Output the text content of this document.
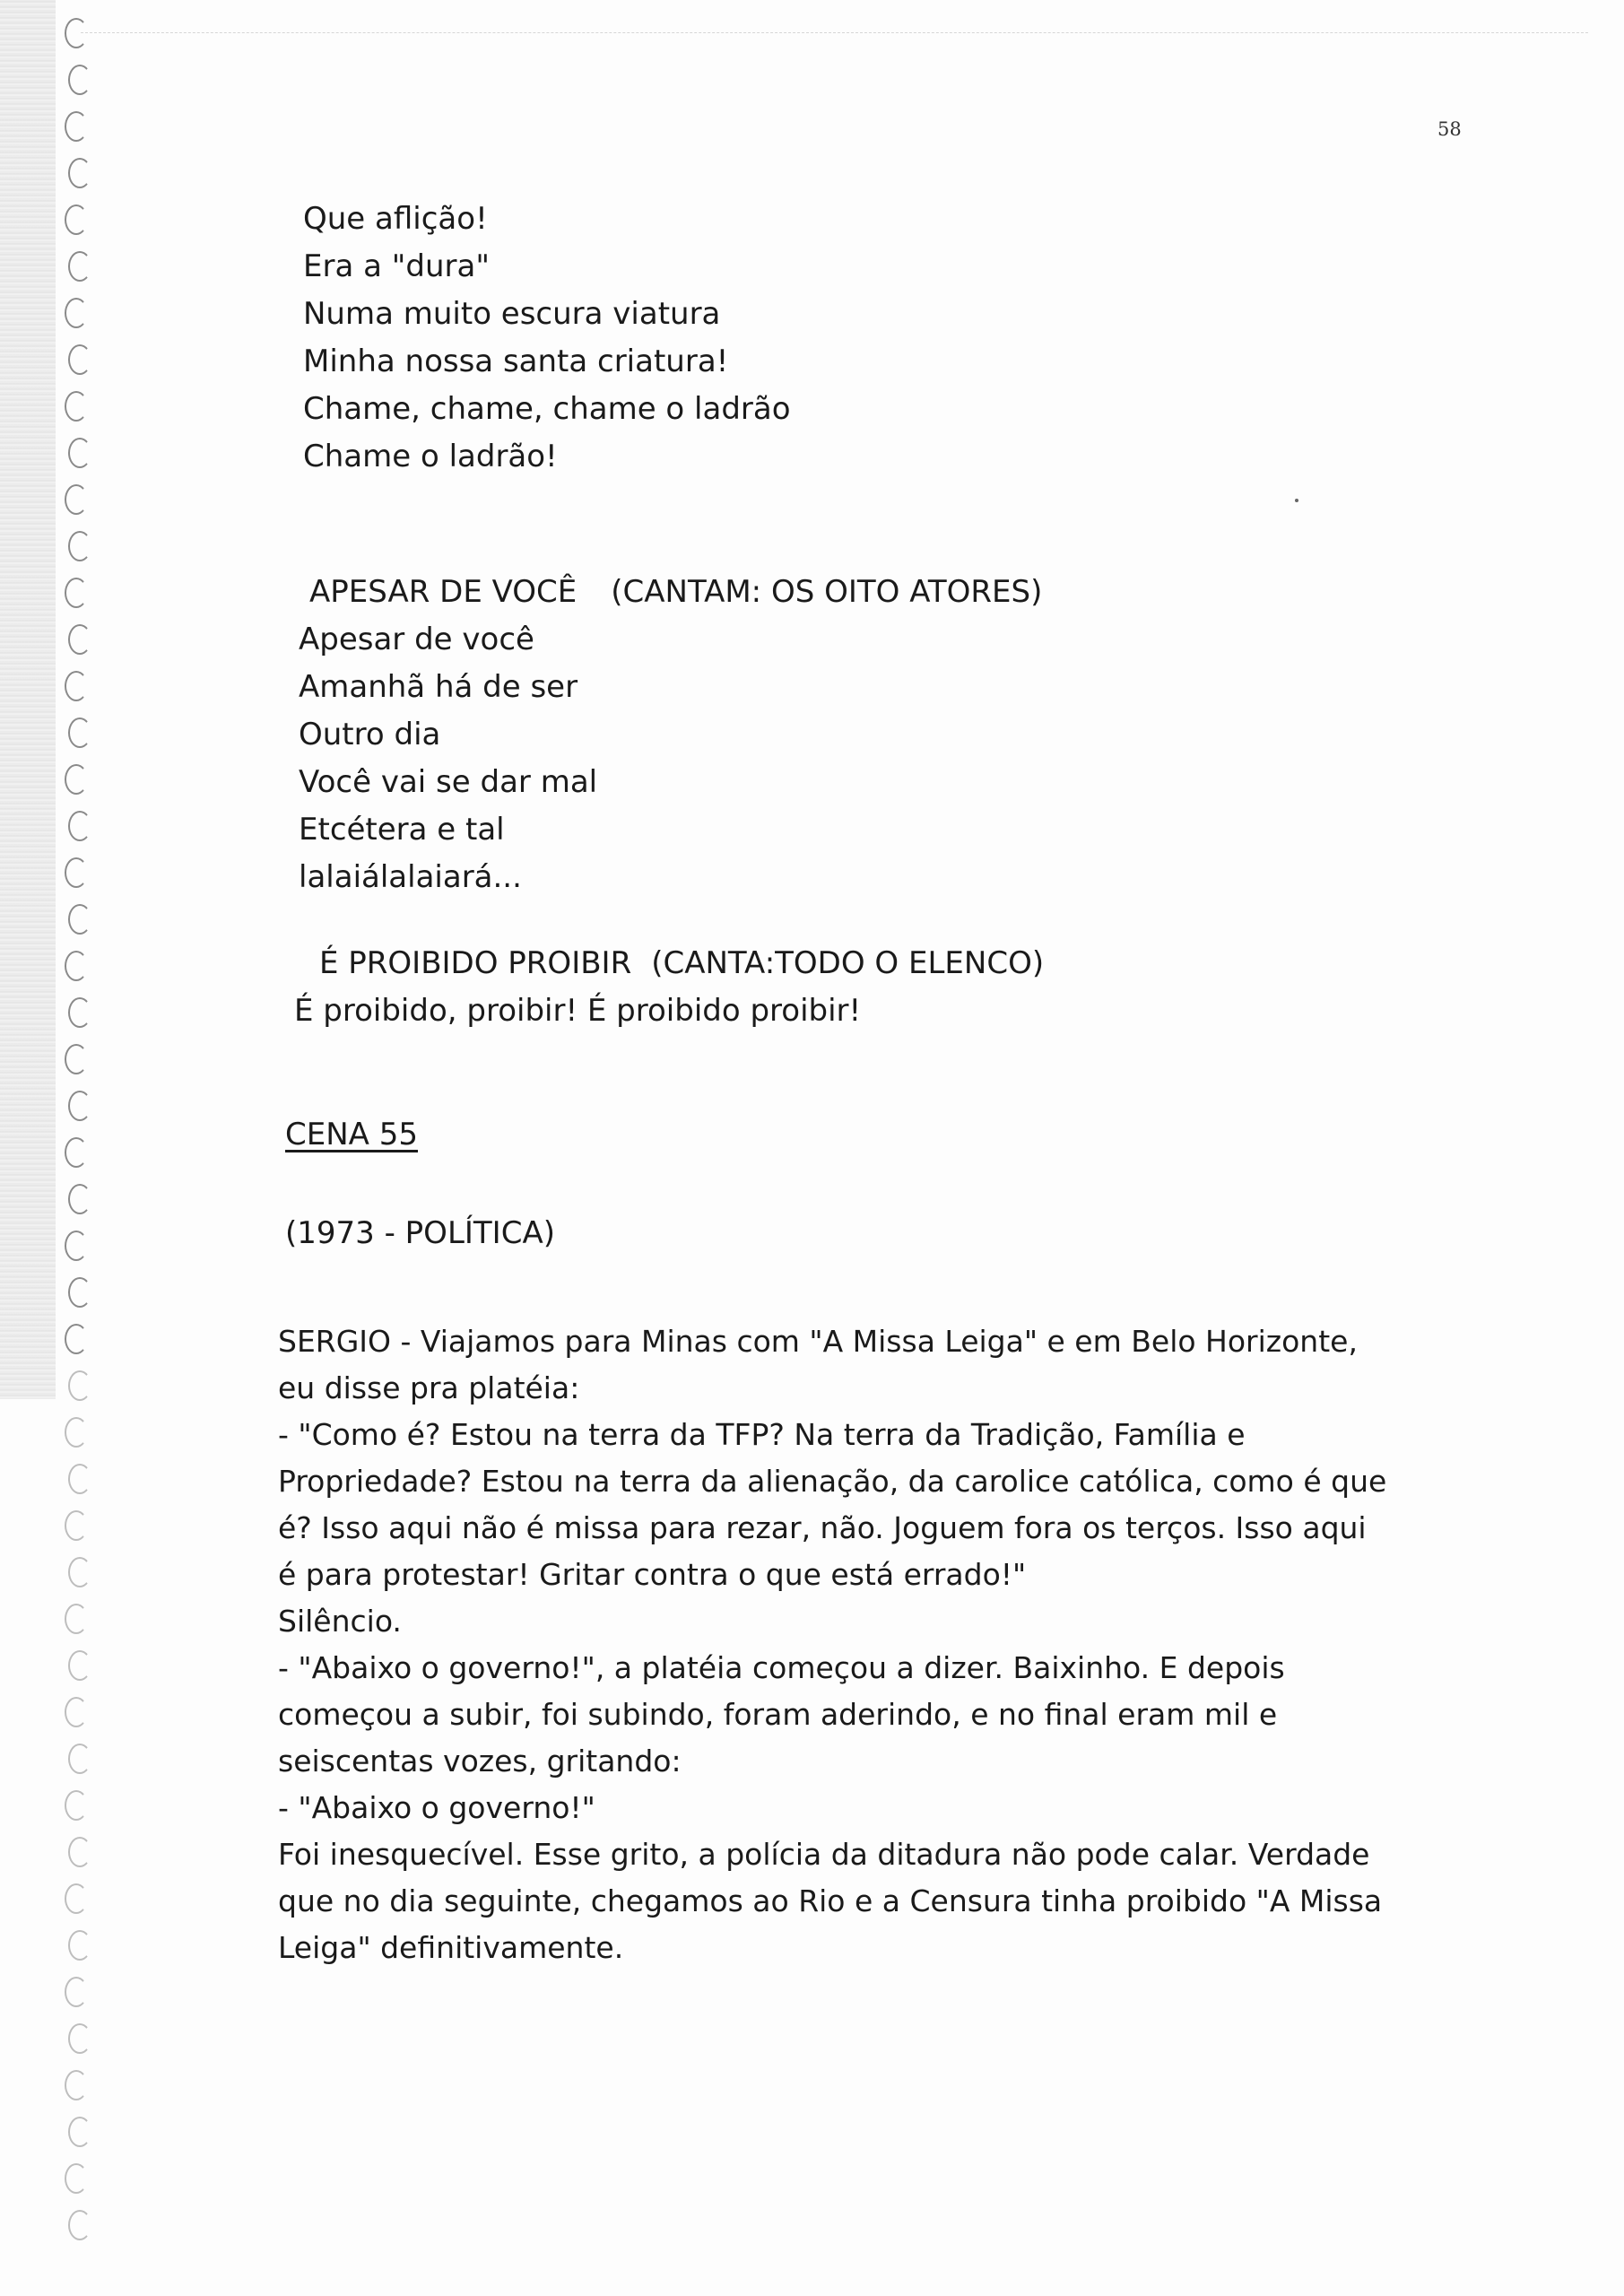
58
Que aflição!
Era a "dura"
Numa muito escura viatura
Minha nossa santa criatura!
Chame, chame, chame o ladrão
Chame o ladrão!
APESAR DE VOCÊ (CANTAM: OS OITO ATORES)
Apesar de você
Amanhã há de ser
Outro dia
Você vai se dar mal
Etcétera e tal
lalaiálalaiará...
É PROIBIDO PROIBIR (CANTA:TODO O ELENCO)
É proibido, proibir! É proibido proibir!
CENA 55
(1973 - POLÍTICA)
SERGIO - Viajamos para Minas com "A Missa Leiga" e em Belo Horizonte,
eu disse pra platéia:
- "Como é? Estou na terra da TFP? Na terra da Tradição, Família e
Propriedade? Estou na terra da alienação, da carolice católica, como é que
é? Isso aqui não é missa para rezar, não. Joguem fora os terços. Isso aqui
é para protestar! Gritar contra o que está errado!"
Silêncio.
- "Abaixo o governo!", a platéia começou a dizer. Baixinho. E depois
começou a subir, foi subindo, foram aderindo, e no final eram mil e
seiscentas vozes, gritando:
- "Abaixo o governo!"
Foi inesquecível. Esse grito, a polícia da ditadura não pode calar. Verdade
que no dia seguinte, chegamos ao Rio e a Censura tinha proibido "A Missa
Leiga" definitivamente.
